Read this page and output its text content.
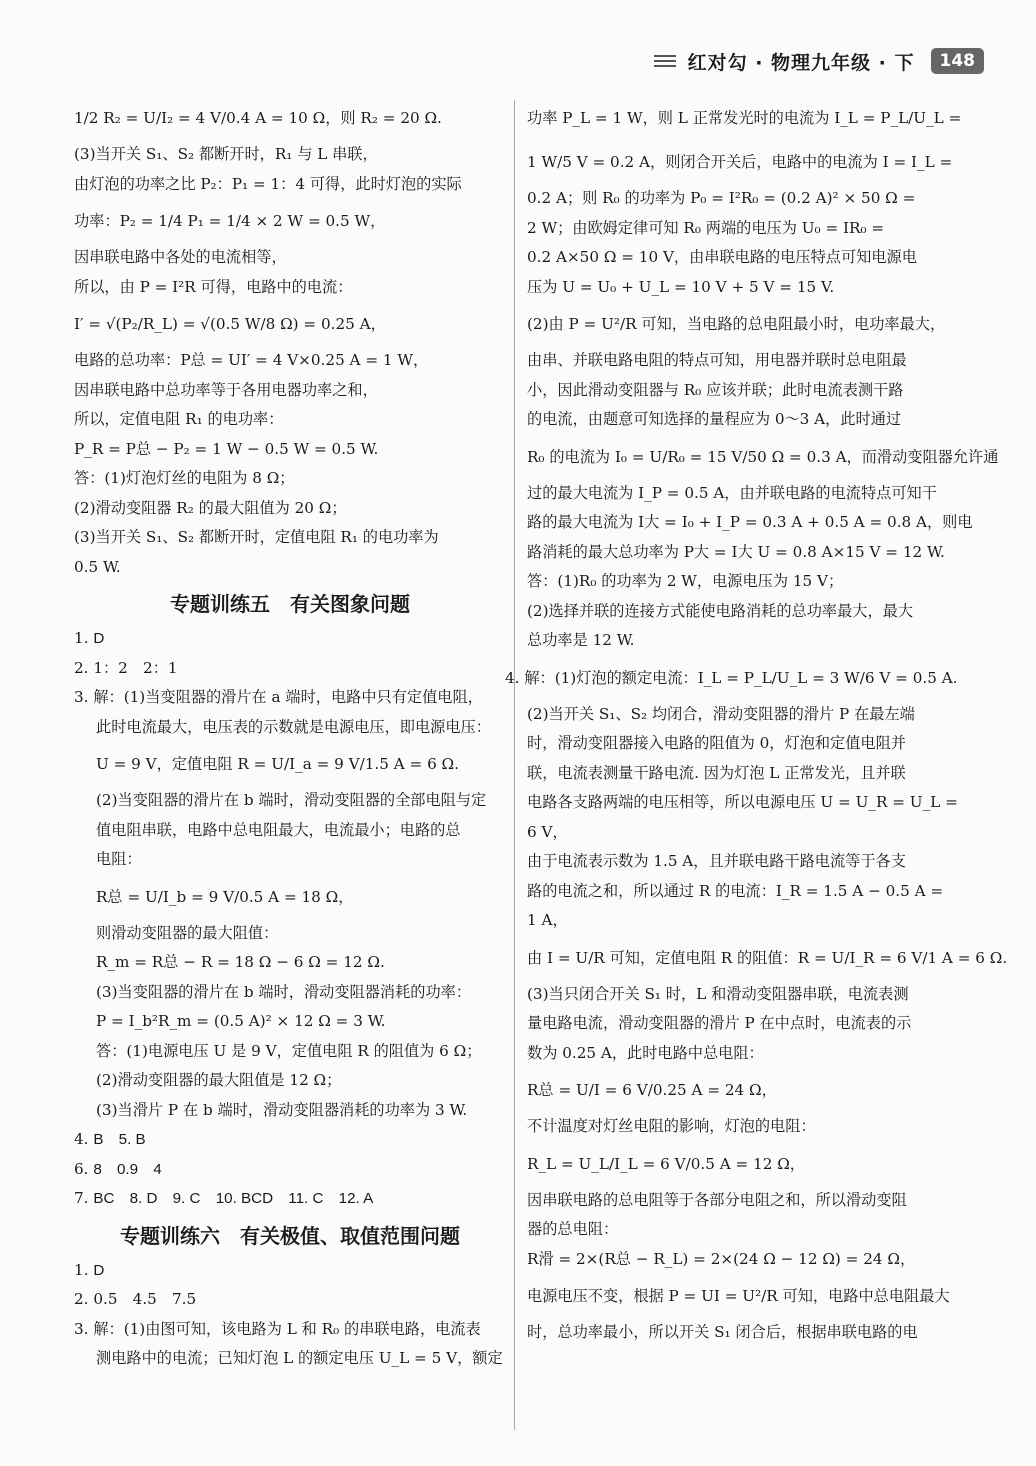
红对勾 · 物理九年级 · 下	148

1/2 R₂ = U/I₂ = 4 V/0.4 A = 10 Ω，则 R₂ = 20 Ω.

(3)当开关 S₁、S₂ 都断开时，R₁ 与 L 串联，

由灯泡的功率之比 P₂：P₁ = 1：4 可得，此时灯泡的实际

功率：P₂ = 1/4 P₁ = 1/4 × 2 W = 0.5 W，

因串联电路中各处的电流相等，

所以，由 P = I²R 可得，电路中的电流：

I′ = √(P₂/R_L) = √(0.5 W/8 Ω) = 0.25 A，

电路的总功率：P总 = UI′ = 4 V×0.25 A = 1 W，

因串联电路中总功率等于各用电器功率之和，

所以，定值电阻 R₁ 的电功率：

P_R = P总 − P₂ = 1 W − 0.5 W = 0.5 W.

答：(1)灯泡灯丝的电阻为 8 Ω；

(2)滑动变阻器 R₂ 的最大阻值为 20 Ω；

(3)当开关 S₁、S₂ 都断开时，定值电阻 R₁ 的电功率为

0.5 W.

专题训练五　有关图象问题

1. D

2. 1：2　2：1

3. 解：(1)当变阻器的滑片在 a 端时，电路中只有定值电阻，

此时电流最大，电压表的示数就是电源电压，即电源电压：

U = 9 V，定值电阻 R = U/I_a = 9 V/1.5 A = 6 Ω.

(2)当变阻器的滑片在 b 端时，滑动变阻器的全部电阻与定

值电阻串联，电路中总电阻最大，电流最小；电路的总

电阻：

R总 = U/I_b = 9 V/0.5 A = 18 Ω，

则滑动变阻器的最大阻值：

R_m = R总 − R = 18 Ω − 6 Ω = 12 Ω.

(3)当变阻器的滑片在 b 端时，滑动变阻器消耗的功率：

P = I_b²R_m = (0.5 A)² × 12 Ω = 3 W.

答：(1)电源电压 U 是 9 V，定值电阻 R 的阻值为 6 Ω；

(2)滑动变阻器的最大阻值是 12 Ω；

(3)当滑片 P 在 b 端时，滑动变阻器消耗的功率为 3 W.

4. B　5. B

6. 8　0.9　4

7. BC　8. D　9. C　10. BCD　11. C　12. A

专题训练六　有关极值、取值范围问题

1. D

2. 0.5　4.5　7.5

3. 解：(1)由图可知，该电路为 L 和 R₀ 的串联电路，电流表

测电路中的电流；已知灯泡 L 的额定电压 U_L = 5 V，额定

功率 P_L = 1 W，则 L 正常发光时的电流为 I_L = P_L/U_L =

1 W/5 V = 0.2 A，则闭合开关后，电路中的电流为 I = I_L =

0.2 A；则 R₀ 的功率为 P₀ = I²R₀ = (0.2 A)² × 50 Ω =

2 W；由欧姆定律可知 R₀ 两端的电压为 U₀ = IR₀ =

0.2 A×50 Ω = 10 V，由串联电路的电压特点可知电源电

压为 U = U₀ + U_L = 10 V + 5 V = 15 V.

(2)由 P = U²/R 可知，当电路的总电阻最小时，电功率最大，

由串、并联电路电阻的特点可知，用电器并联时总电阻最

小，因此滑动变阻器与 R₀ 应该并联；此时电流表测干路

的电流，由题意可知选择的量程应为 0～3 A，此时通过

R₀ 的电流为 I₀ = U/R₀ = 15 V/50 Ω = 0.3 A，而滑动变阻器允许通

过的最大电流为 I_P = 0.5 A，由并联电路的电流特点可知干

路的最大电流为 I大 = I₀ + I_P = 0.3 A + 0.5 A = 0.8 A，则电

路消耗的最大总功率为 P大 = I大 U = 0.8 A×15 V = 12 W.

答：(1)R₀ 的功率为 2 W，电源电压为 15 V；

(2)选择并联的连接方式能使电路消耗的总功率最大，最大

总功率是 12 W.

4. 解：(1)灯泡的额定电流：I_L = P_L/U_L = 3 W/6 V = 0.5 A.

(2)当开关 S₁、S₂ 均闭合，滑动变阻器的滑片 P 在最左端

时，滑动变阻器接入电路的阻值为 0，灯泡和定值电阻并

联，电流表测量干路电流. 因为灯泡 L 正常发光，且并联

电路各支路两端的电压相等，所以电源电压 U = U_R = U_L =

6 V，

由于电流表示数为 1.5 A，且并联电路干路电流等于各支

路的电流之和，所以通过 R 的电流：I_R = 1.5 A − 0.5 A =

1 A，

由 I = U/R 可知，定值电阻 R 的阻值：R = U/I_R = 6 V/1 A = 6 Ω.

(3)当只闭合开关 S₁ 时，L 和滑动变阻器串联，电流表测

量电路电流，滑动变阻器的滑片 P 在中点时，电流表的示

数为 0.25 A，此时电路中总电阻：

R总 = U/I = 6 V/0.25 A = 24 Ω，

不计温度对灯丝电阻的影响，灯泡的电阻：

R_L = U_L/I_L = 6 V/0.5 A = 12 Ω，

因串联电路的总电阻等于各部分电阻之和，所以滑动变阻

器的总电阻：

R滑 = 2×(R总 − R_L) = 2×(24 Ω − 12 Ω) = 24 Ω，

电源电压不变，根据 P = UI = U²/R 可知，电路中总电阻最大

时，总功率最小，所以开关 S₁ 闭合后，根据串联电路的电
